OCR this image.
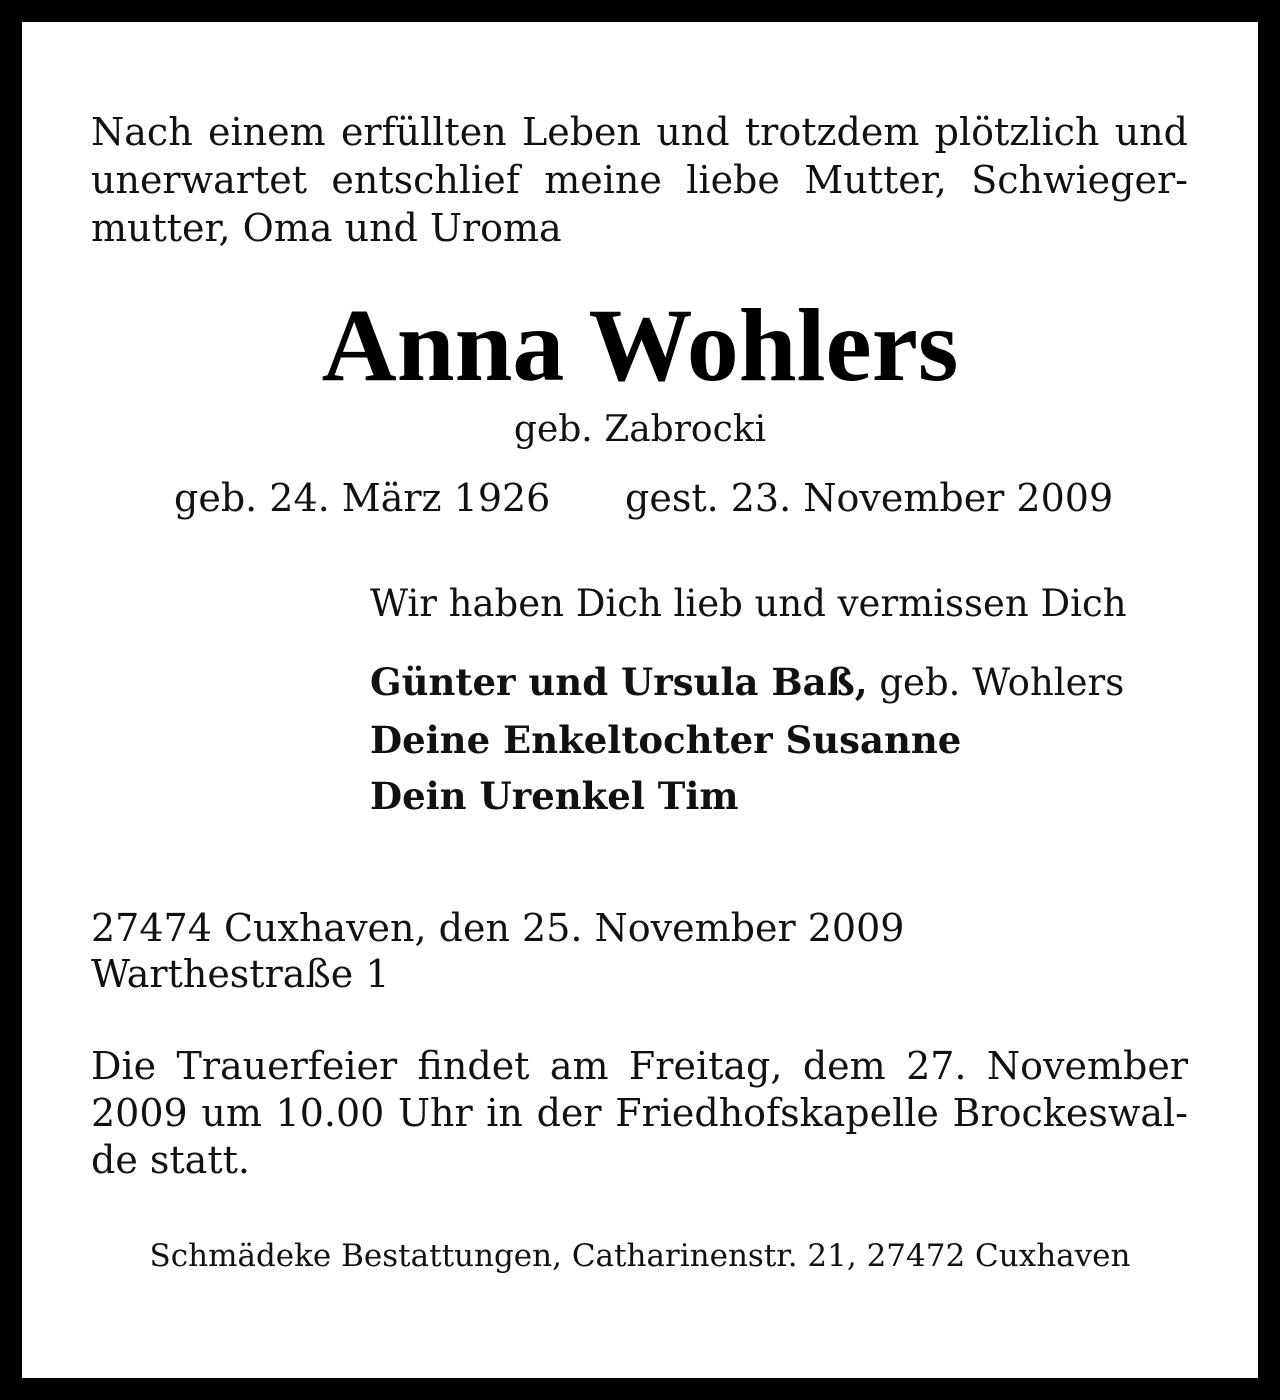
Nach einem erfüllten Leben und trotzdem plötzlich und
unerwartet entschlief meine liebe Mutter, Schwieger-
mutter, Oma und Uroma

Anna Wohlers
geb. Zabrocki
geb. 24. März 1926 gest. 23. November 2009
Wir haben Dich lieb und vermissen Dich
Günter und Ursula Baß, geb. Wohlers
Deine Enkeltochter Susanne
Dein Urenkel Tim

27474 Cuxhaven, den 25. November 2009
Warthestraße 1

Die Trauerfeier findet am Freitag, dem 27. November
2009 um 10.00 Uhr in der Friedhofskapelle Brockeswal-
de statt.

Schmädeke Bestattungen, Catharinenstr. 21, 27472 Cuxhaven
